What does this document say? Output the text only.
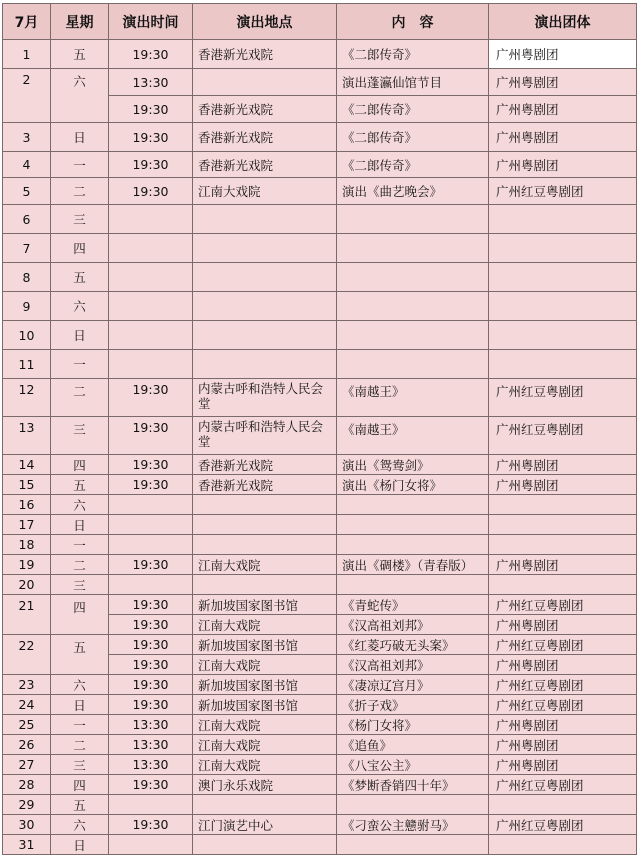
7月	星期	演出时间	演出地点	内　容	演出团体
1	五	19:30	香港新光戏院	《二郎传奇》	广州粤剧团
2	六	13:30		演出蓬瀛仙馆节目	广州粤剧团
		19:30	香港新光戏院	《二郎传奇》	广州粤剧团
3	日	19:30	香港新光戏院	《二郎传奇》	广州粤剧团
4	一	19:30	香港新光戏院	《二郎传奇》	广州粤剧团
5	二	19:30	江南大戏院	演出《曲艺晚会》	广州红豆粤剧团
6	三				
7	四				
8	五				
9	六				
10	日				
11	一				
12	二	19:30	内蒙古呼和浩特人民会堂	《南越王》	广州红豆粤剧团
13	三	19:30	内蒙古呼和浩特人民会堂	《南越王》	广州红豆粤剧团
14	四	19:30	香港新光戏院	演出《鸳鸯剑》	广州粤剧团
15	五	19:30	香港新光戏院	演出《杨门女将》	广州粤剧团
16	六				
17	日				
18	一				
19	二	19:30	江南大戏院	演出《碉楼》（青春版）	广州粤剧团
20	三				
21	四	19:30	新加坡国家图书馆	《青蛇传》	广州红豆粤剧团
		19:30	江南大戏院	《汉高祖刘邦》	广州粤剧团
22	五	19:30	新加坡国家图书馆	《红菱巧破无头案》	广州红豆粤剧团
		19:30	江南大戏院	《汉高祖刘邦》	广州粤剧团
23	六	19:30	新加坡国家图书馆	《凄凉辽宫月》	广州红豆粤剧团
24	日	19:30	新加坡国家图书馆	《折子戏》	广州红豆粤剧团
25	一	13:30	江南大戏院	《杨门女将》	广州粤剧团
26	二	13:30	江南大戏院	《追鱼》	广州粤剧团
27	三	13:30	江南大戏院	《八宝公主》	广州粤剧团
28	四	19:30	澳门永乐戏院	《梦断香销四十年》	广州红豆粤剧团
29	五				
30	六	19:30	江门演艺中心	《刁蛮公主戆驸马》	广州红豆粤剧团
31	日				
